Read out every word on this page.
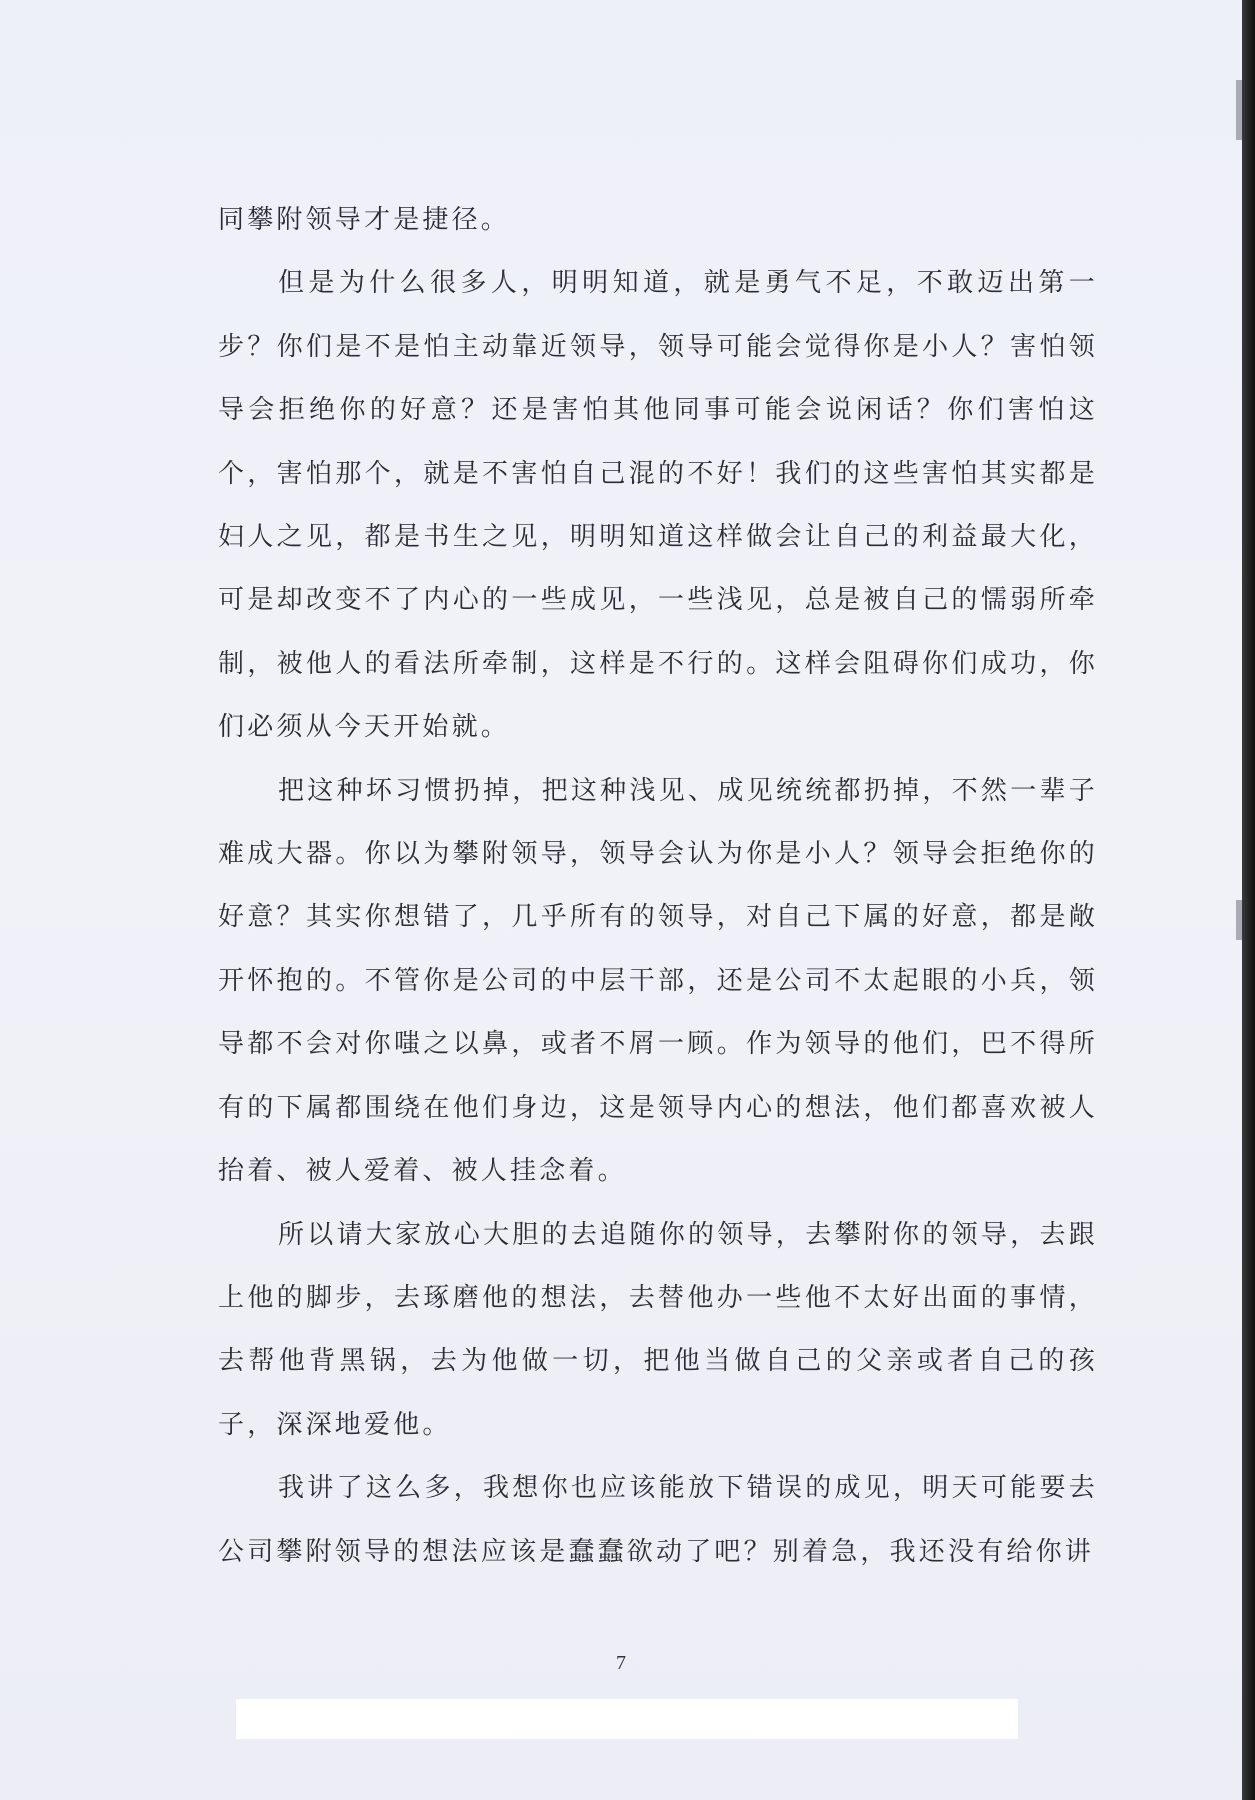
同攀附领导才是捷径。

但是为什么很多人，明明知道，就是勇气不足，不敢迈出第一步？你们是不是怕主动靠近领导，领导可能会觉得你是小人？害怕领导会拒绝你的好意？还是害怕其他同事可能会说闲话？你们害怕这个，害怕那个，就是不害怕自己混的不好！我们的这些害怕其实都是妇人之见，都是书生之见，明明知道这样做会让自己的利益最大化，可是却改变不了内心的一些成见，一些浅见，总是被自己的懦弱所牵制，被他人的看法所牵制，这样是不行的。这样会阻碍你们成功，你们必须从今天开始就。

把这种坏习惯扔掉，把这种浅见、成见统统都扔掉，不然一辈子难成大器。你以为攀附领导，领导会认为你是小人？领导会拒绝你的好意？其实你想错了，几乎所有的领导，对自己下属的好意，都是敞开怀抱的。不管你是公司的中层干部，还是公司不太起眼的小兵，领导都不会对你嗤之以鼻，或者不屑一顾。作为领导的他们，巴不得所有的下属都围绕在他们身边，这是领导内心的想法，他们都喜欢被人抬着、被人爱着、被人挂念着。

所以请大家放心大胆的去追随你的领导，去攀附你的领导，去跟上他的脚步，去琢磨他的想法，去替他办一些他不太好出面的事情，去帮他背黑锅，去为他做一切，把他当做自己的父亲或者自己的孩子，深深地爱他。

我讲了这么多，我想你也应该能放下错误的成见，明天可能要去公司攀附领导的想法应该是蠢蠢欲动了吧？别着急，我还没有给你讲

7
